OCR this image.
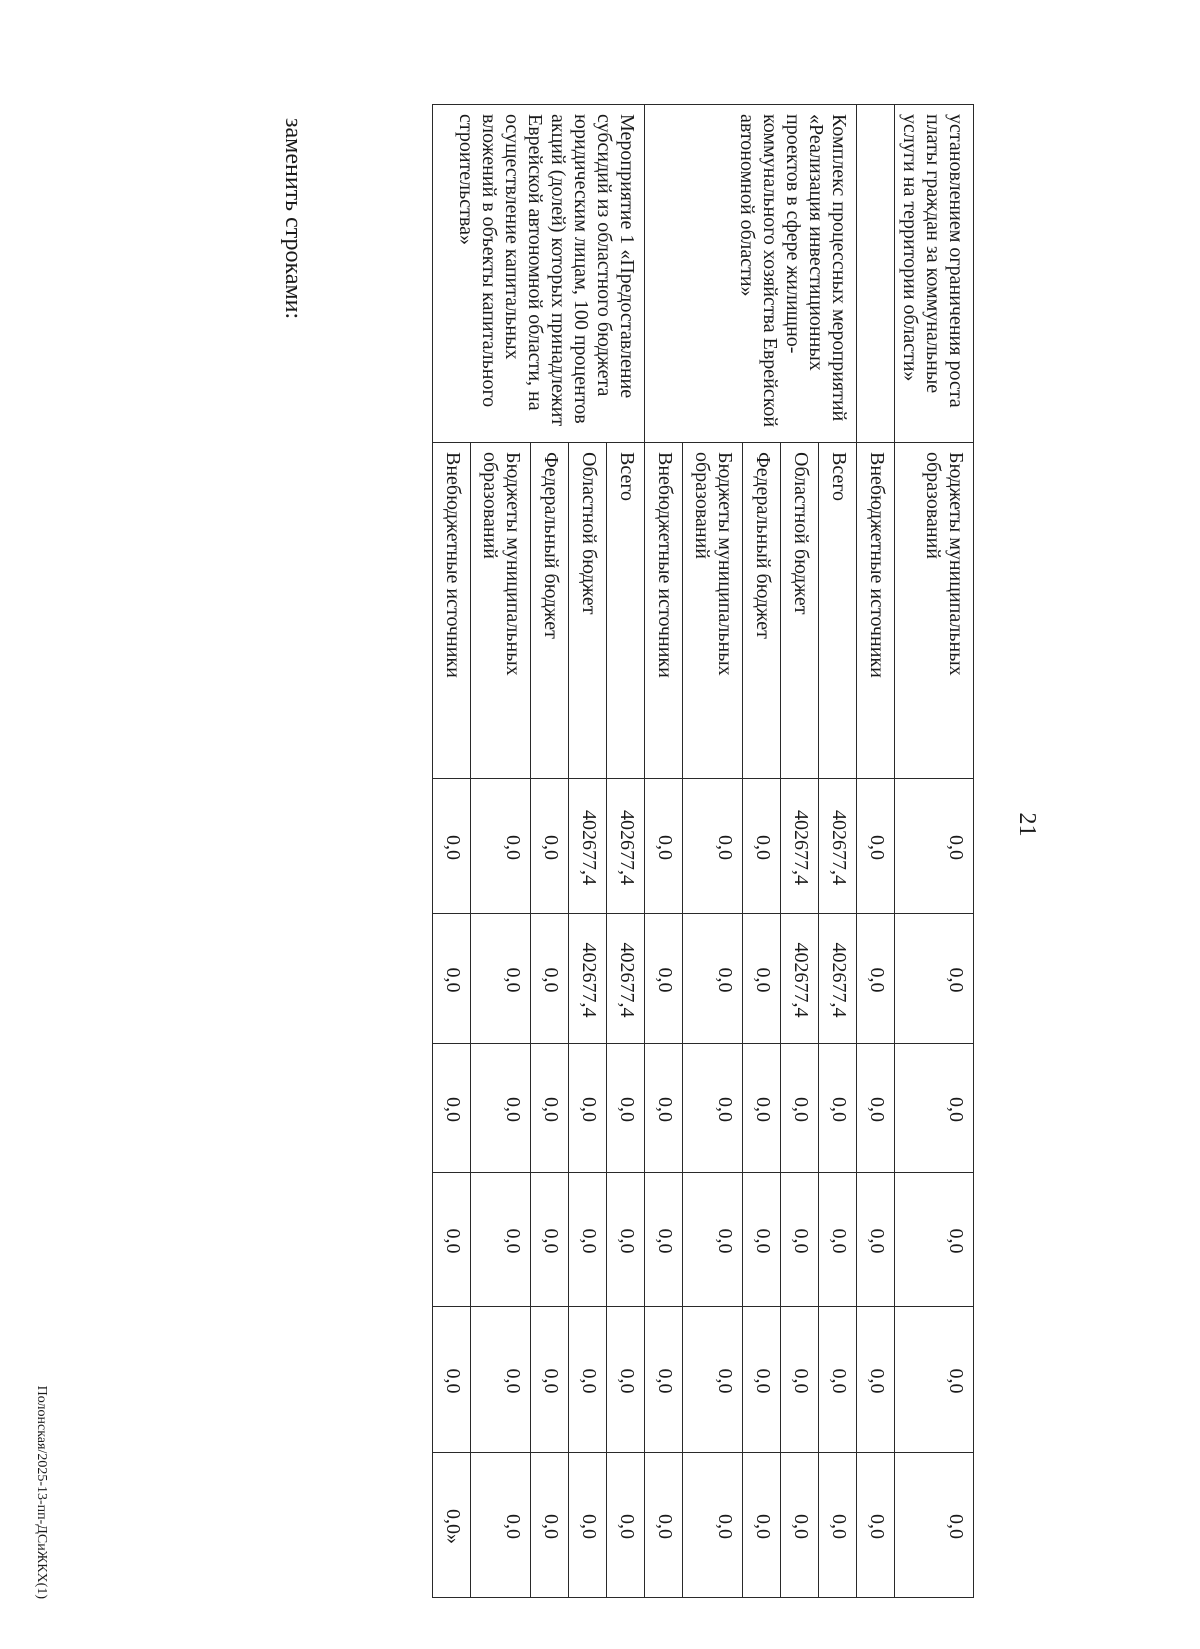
21
установлением ограничения роста платы граждан за коммунальные услуги на территории области»	Бюджеты муниципальных образований	0,0	0,0	0,0	0,0	0,0	0,0
	Внебюджетные источники	0,0	0,0	0,0	0,0	0,0	0,0
Комплекс процессных мероприятий «Реализация инвестиционных проектов в сфере жилищно-коммунального хозяйства Еврейской автономной области»	Всего	402677,4	402677,4	0,0	0,0	0,0	0,0
	Областной бюджет	402677,4	402677,4	0,0	0,0	0,0	0,0
	Федеральный бюджет	0,0	0,0	0,0	0,0	0,0	0,0
	Бюджеты муниципальных образований	0,0	0,0	0,0	0,0	0,0	0,0
	Внебюджетные источники	0,0	0,0	0,0	0,0	0,0	0,0
Мероприятие 1 «Предоставление субсидий из областного бюджета юридическим лицам, 100 процентов акций (долей) которых принадлежит Еврейской автономной области, на осуществление капитальных вложений в объекты капитального строительства»	Всего	402677,4	402677,4	0,0	0,0	0,0	0,0
	Областной бюджет	402677,4	402677,4	0,0	0,0	0,0	0,0
	Федеральный бюджет	0,0	0,0	0,0	0,0	0,0	0,0
	Бюджеты муниципальных образований	0,0	0,0	0,0	0,0	0,0	0,0
	Внебюджетные источники	0,0	0,0	0,0	0,0	0,0	0,0»
заменить строками:
Полонская/2025-13-пп-ДСиЖКХ(1)
